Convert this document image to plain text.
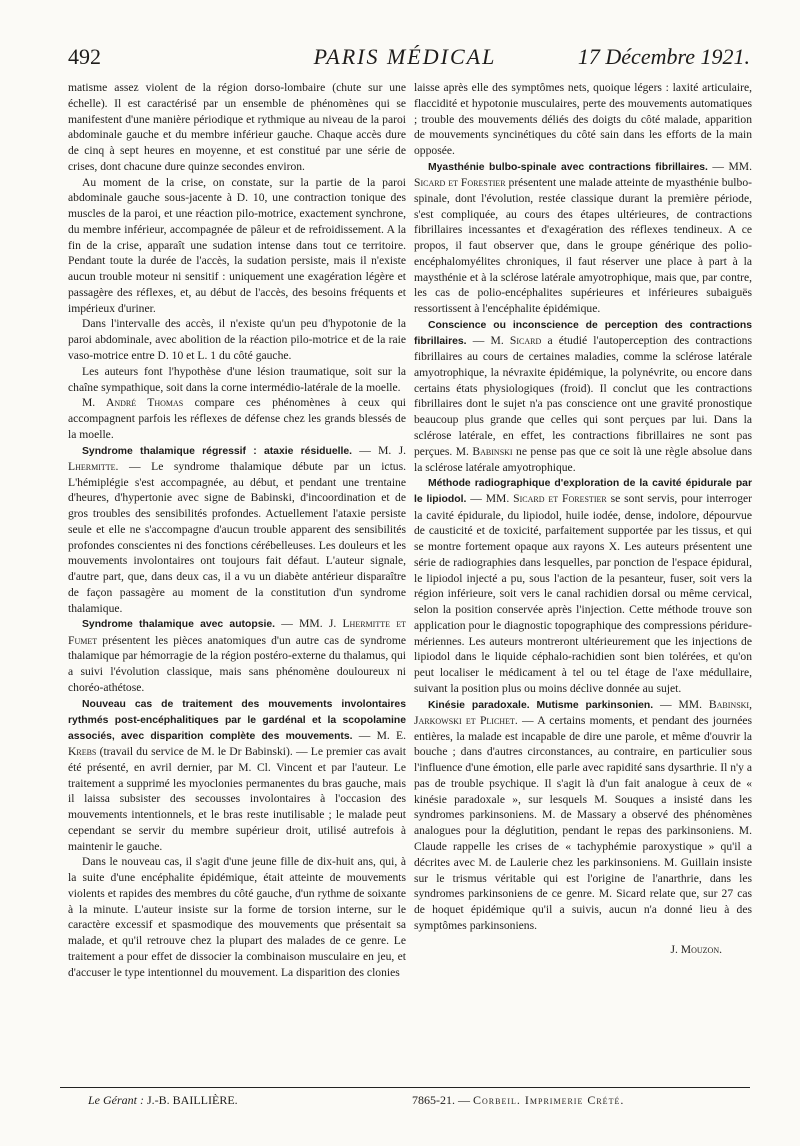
492	PARIS MÉDICAL	17 Décembre 1921.

matisme assez violent de la région dorso-lombaire (chute sur une échelle). Il est caractérisé par un ensemble de phénomènes qui se manifestent d'une manière périodique et rythmique au niveau de la paroi abdominale gauche et du membre inférieur gauche. Chaque accès dure de cinq à sept heures en moyenne, et est constitué par une série de crises, dont chacune dure quinze secondes environ.

Au moment de la crise, on constate, sur la partie de la paroi abdominale gauche sous-jacente à D. 10, une contraction tonique des muscles de la paroi, et une réaction pilo-motrice, exactement synchrone, du membre inférieur, accompagnée de pâleur et de refroidissement. A la fin de la crise, apparaît une sudation intense dans tout ce territoire. Pendant toute la durée de l'accès, la sudation persiste, mais il n'existe aucun trouble moteur ni sensitif : uniquement une exagération légère et passagère des réflexes, et, au début de l'accès, des besoins fréquents et impérieux d'uriner.

Dans l'intervalle des accès, il n'existe qu'un peu d'hypotonie de la paroi abdominale, avec abolition de la réaction pilo-motrice et de la raie vaso-motrice entre D. 10 et L. 1 du côté gauche.

Les auteurs font l'hypothèse d'une lésion traumatique, soit sur la chaîne sympathique, soit dans la corne intermédio-latérale de la moelle.

M. André Thomas compare ces phénomènes à ceux qui accompagnent parfois les réflexes de défense chez les grands blessés de la moelle.

Syndrome thalamique régressif : ataxie résiduelle. — M. J. Lhermitte. — Le syndrome thalamique débute par un ictus. L'hémiplégie s'est accompagnée, au début, et pendant une trentaine d'heures, d'hypertonie avec signe de Babinski, d'incoordination et de gros troubles des sensibilités profondes. Actuellement l'ataxie persiste seule et elle ne s'accompagne d'aucun trouble apparent des sensibilités profondes conscientes ni des fonctions cérébelleuses. Les douleurs et les mouvements involontaires ont toujours fait défaut. L'auteur signale, d'autre part, que, dans deux cas, il a vu un diabète antérieur disparaître de façon passagère au moment de la constitution d'un syndrome thalamique.

Syndrome thalamique avec autopsie. — MM. J. Lhermitte et Fumet présentent les pièces anatomiques d'un autre cas de syndrome thalamique par hémorragie de la région postéro-externe du thalamus, qui a suivi l'évolution classique, mais sans phénomène douloureux ni choréo-athétose.

Nouveau cas de traitement des mouvements involontaires rythmés post-encéphalitiques par le gardénal et la scopolamine associés, avec disparition complète des mouvements. — M. E. Krebs (travail du service de M. le Dr Babinski). — Le premier cas avait été présenté, en avril dernier, par M. Cl. Vincent et par l'auteur. Le traitement a supprimé les myoclonies permanentes du bras gauche, mais il laissa subsister des secousses involontaires à l'occasion des mouvements intentionnels, et le bras reste inutilisable ; le malade peut cependant se servir du membre supérieur droit, utilisé autrefois à maintenir le gauche.

Dans le nouveau cas, il s'agit d'une jeune fille de dix-huit ans, qui, à la suite d'une encéphalite épidémique, était atteinte de mouvements violents et rapides des membres du côté gauche, d'un rythme de soixante à la minute. L'auteur insiste sur la forme de torsion interne, sur le caractère excessif et spasmodique des mouvements que présentait sa malade, et qu'il retrouve chez la plupart des malades de ce genre. Le traitement a pour effet de dissocier la combinaison musculaire en jeu, et d'accuser le type intentionnel du mouvement. La disparition des clonies

laisse après elle des symptômes nets, quoique légers : laxité articulaire, flaccidité et hypotonie musculaires, perte des mouvements automatiques ; trouble des mouvements déliés des doigts du côté malade, apparition de mouvements syncinétiques du côté sain dans les efforts de la main opposée.

Myasthénie bulbo-spinale avec contractions fibrillaires. — MM. Sicard et Forestier présentent une malade atteinte de myasthénie bulbo-spinale, dont l'évolution, restée classique durant la première période, s'est compliquée, au cours des étapes ultérieures, de contractions fibrillaires incessantes et d'exagération des réflexes tendineux. A ce propos, il faut observer que, dans le groupe générique des polio-encéphalomyélites chroniques, il faut réserver une place à part à la maysthénie et à la sclérose latérale amyotrophique, mais que, par contre, les cas de polio-encéphalites supérieures et inférieures subaiguës ressortissent à l'encéphalite épidémique.

Conscience ou inconscience de perception des contractions fibrillaires. — M. Sicard a étudié l'autoperception des contractions fibrillaires au cours de certaines maladies, comme la sclérose latérale amyotrophique, la névraxite épidémique, la polynévrite, ou encore dans certains états physiologiques (froid). Il conclut que les contractions fibrillaires dont le sujet n'a pas conscience ont une gravité pronostique beaucoup plus grande que celles qui sont perçues par lui. Dans la sclérose latérale, en effet, les contractions fibrillaires ne sont pas perçues. M. Babinski ne pense pas que ce soit là une règle absolue dans la sclérose latérale amyotrophique.

Méthode radiographique d'exploration de la cavité épidurale par le lipiodol. — MM. Sicard et Forestier se sont servis, pour interroger la cavité épidurale, du lipiodol, huile iodée, dense, indolore, dépourvue de causticité et de toxicité, parfaitement supportée par les tissus, et qui se montre fortement opaque aux rayons X. Les auteurs présentent une série de radiographies dans lesquelles, par ponction de l'espace épidural, le lipiodol injecté a pu, sous l'action de la pesanteur, fuser, soit vers la région inférieure, soit vers le canal rachidien dorsal ou même cervical, selon la position conservée après l'injection. Cette méthode trouve son application pour le diagnostic topographique des compressions péridure-mériennes. Les auteurs montreront ultérieurement que les injections de lipiodol dans le liquide céphalo-rachidien sont bien tolérées, et qu'on peut localiser le médicament à tel ou tel étage de l'axe médullaire, suivant la position plus ou moins déclive donnée au sujet.

Kinésie paradoxale. Mutisme parkinsonien. — MM. Babinski, Jarkowski et Plichet. — A certains moments, et pendant des journées entières, la malade est incapable de dire une parole, et même d'ouvrir la bouche ; dans d'autres circonstances, au contraire, en particulier sous l'influence d'une émotion, elle parle avec rapidité sans dysarthrie. Il n'y a pas de trouble psychique. Il s'agit là d'un fait analogue à ceux de « kinésie paradoxale », sur lesquels M. Souques a insisté dans les syndromes parkinsoniens. M. de Massary a observé des phénomènes analogues pour la déglutition, pendant le repas des parkinsoniens. M. Claude rappelle les crises de « tachyphémie paroxystique » qu'il a décrites avec M. de Laulerie chez les parkinsoniens. M. Guillain insiste sur le trismus véritable qui est l'origine de l'anarthrie, dans les syndromes parkinsoniens de ce genre. M. Sicard relate que, sur 27 cas de hoquet épidémique qu'il a suivis, aucun n'a donné lieu à des symptômes parkinsoniens.

J. Mouzon.
Le Gérant : J.-B. BAILLIÈRE.	7865-21. — Corbeil. Imprimerie Crété.
